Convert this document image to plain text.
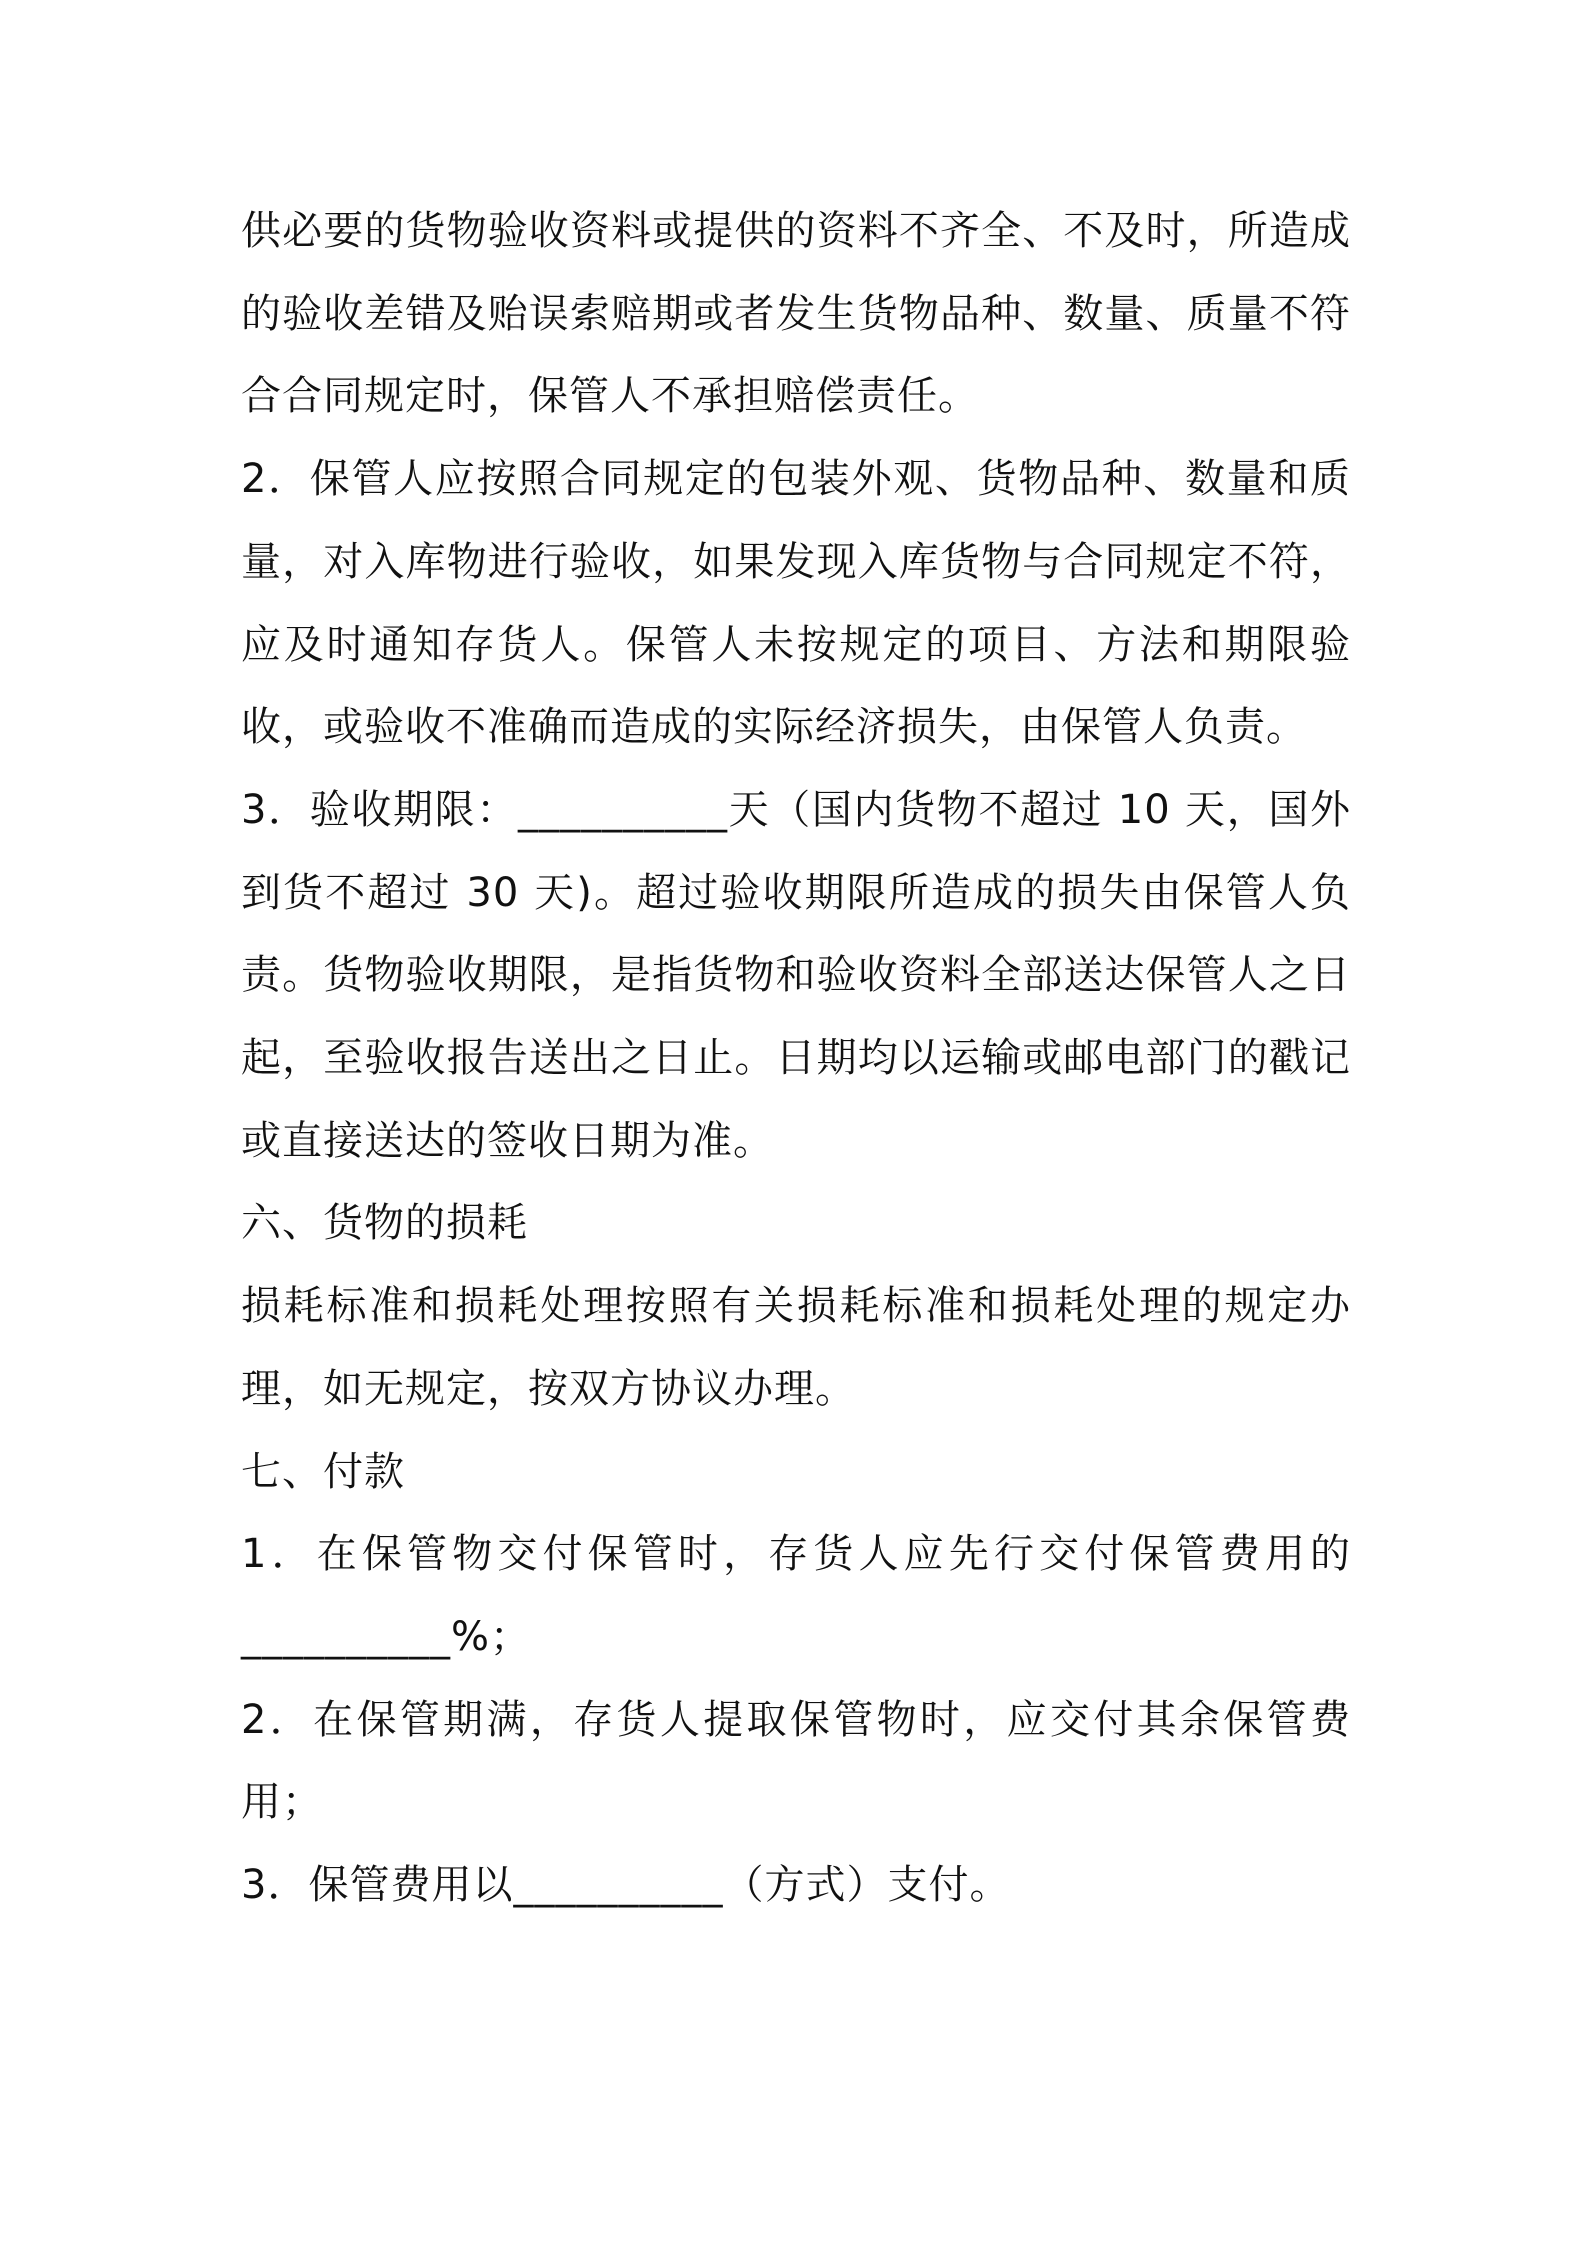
供必要的货物验收资料或提供的资料不齐全、不及时，所造成的验收差错及贻误索赔期或者发生货物品种、数量、质量不符合合同规定时，保管人不承担赔偿责任。

2．保管人应按照合同规定的包装外观、货物品种、数量和质量，对入库物进行验收，如果发现入库货物与合同规定不符，应及时通知存货人。保管人未按规定的项目、方法和期限验收，或验收不准确而造成的实际经济损失，由保管人负责。

3．验收期限：__________天（国内货物不超过 10 天，国外到货不超过 30 天)。超过验收期限所造成的损失由保管人负责。货物验收期限，是指货物和验收资料全部送达保管人之日起，至验收报告送出之日止。日期均以运输或邮电部门的戳记或直接送达的签收日期为准。

六、货物的损耗

损耗标准和损耗处理按照有关损耗标准和损耗处理的规定办理，如无规定，按双方协议办理。

七、付款

1．在保管物交付保管时，存货人应先行交付保管费用的__________%；

2．在保管期满，存货人提取保管物时，应交付其余保管费用；

3．保管费用以__________（方式）支付。
